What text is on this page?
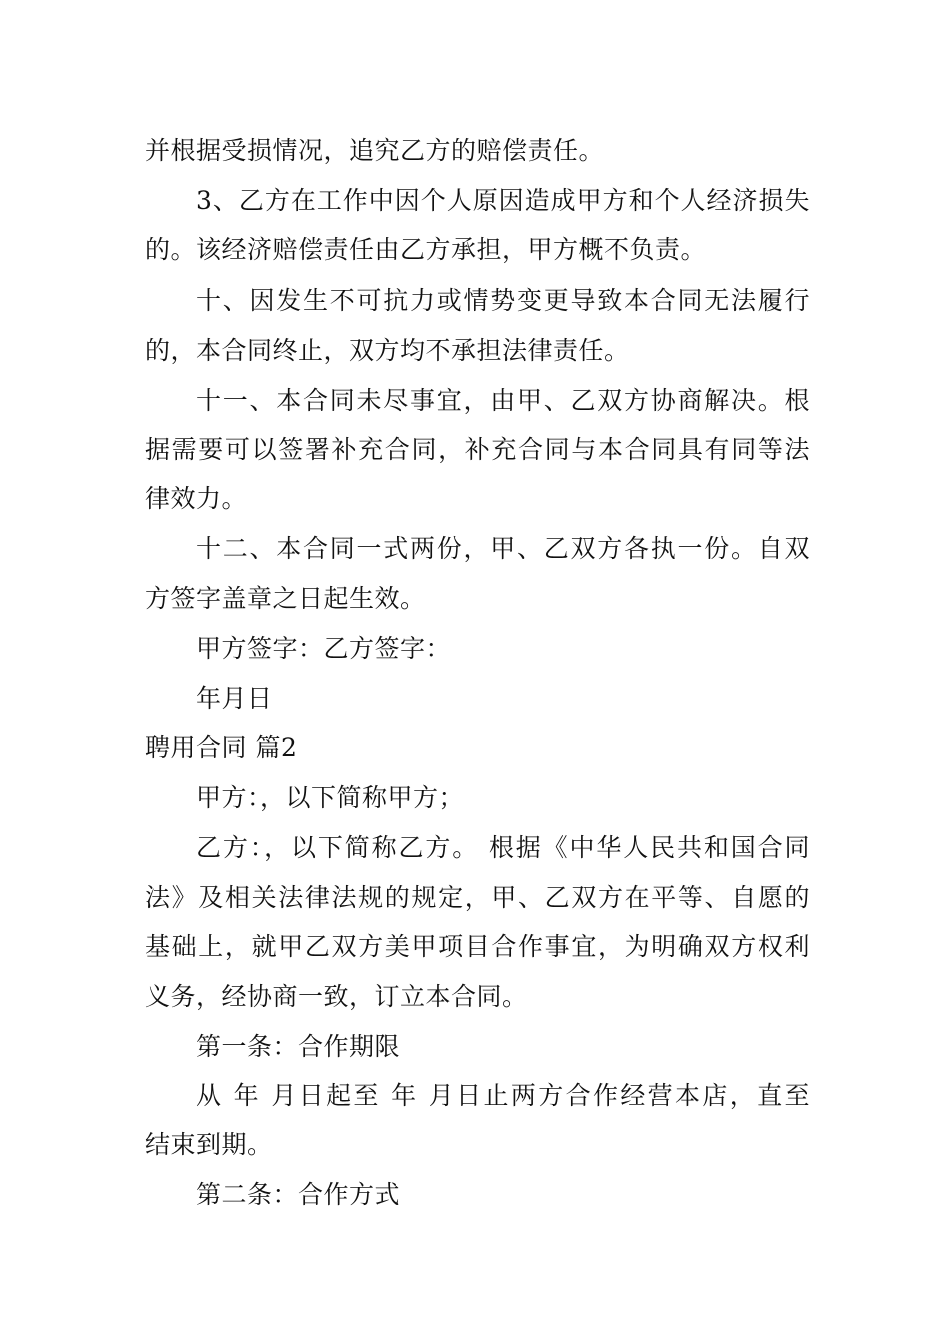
并根据受损情况，追究乙方的赔偿责任。
3、乙方在工作中因个人原因造成甲方和个人经济损失
的。该经济赔偿责任由乙方承担，甲方概不负责。
十、因发生不可抗力或情势变更导致本合同无法履行
的，本合同终止，双方均不承担法律责任。
十一、本合同未尽事宜，由甲、乙双方协商解决。根
据需要可以签署补充合同，补充合同与本合同具有同等法
律效力。
十二、本合同一式两份，甲、乙双方各执一份。自双
方签字盖章之日起生效。
甲方签字：乙方签字：
年月日
聘用合同 篇2
甲方：，以下简称甲方；
乙方：，以下简称乙方。 根据《中华人民共和国合同
法》及相关法律法规的规定，甲、乙双方在平等、自愿的
基础上，就甲乙双方美甲项目合作事宜，为明确双方权利
义务，经协商一致，订立本合同。
第一条：合作期限
从 年 月日起至 年 月日止两方合作经营本店，直至
结束到期。
第二条：合作方式
